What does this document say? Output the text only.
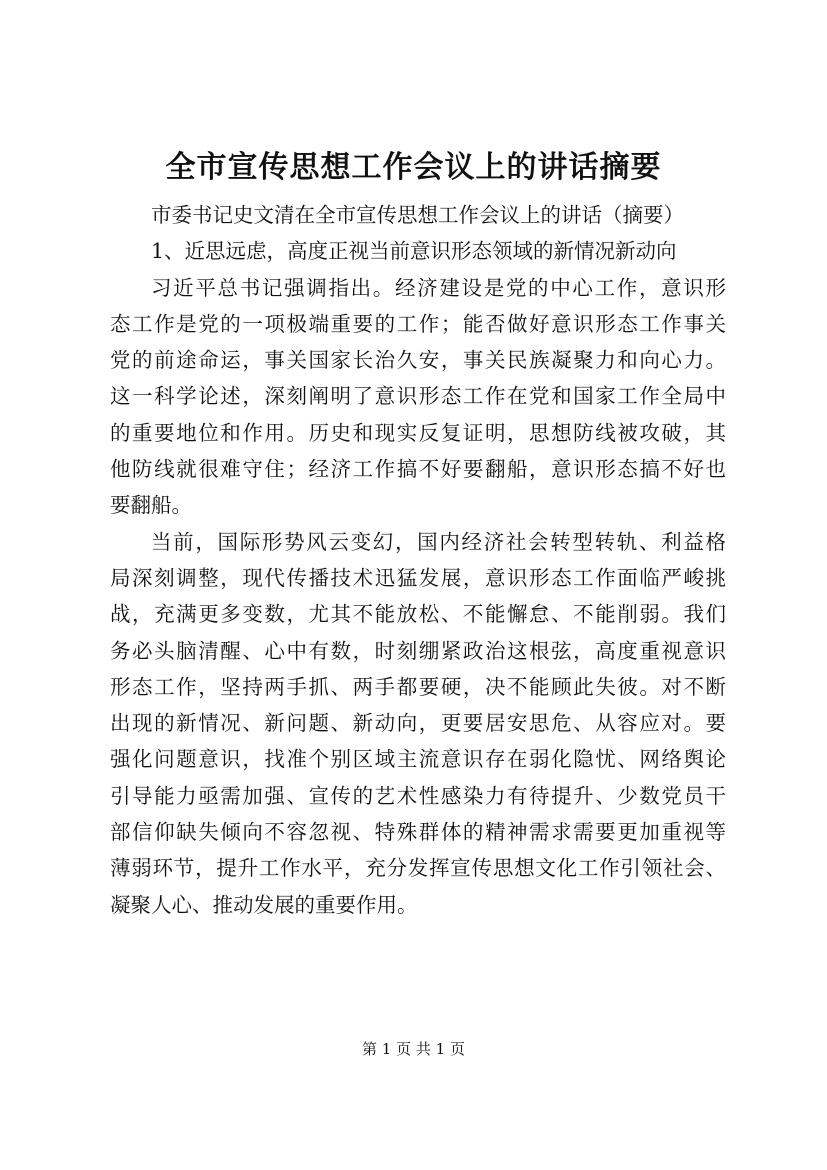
全市宣传思想工作会议上的讲话摘要
市委书记史文清在全市宣传思想工作会议上的讲话（摘要）
1、近思远虑，高度正视当前意识形态领域的新情况新动向
习近平总书记强调指出。经济建设是党的中心工作，意识形
态工作是党的一项极端重要的工作；能否做好意识形态工作事关
党的前途命运，事关国家长治久安，事关民族凝聚力和向心力。
这一科学论述，深刻阐明了意识形态工作在党和国家工作全局中
的重要地位和作用。历史和现实反复证明，思想防线被攻破，其
他防线就很难守住；经济工作搞不好要翻船，意识形态搞不好也
要翻船。
当前，国际形势风云变幻，国内经济社会转型转轨、利益格
局深刻调整，现代传播技术迅猛发展，意识形态工作面临严峻挑
战，充满更多变数，尤其不能放松、不能懈怠、不能削弱。我们
务必头脑清醒、心中有数，时刻绷紧政治这根弦，高度重视意识
形态工作，坚持两手抓、两手都要硬，决不能顾此失彼。对不断
出现的新情况、新问题、新动向，更要居安思危、从容应对。要
强化问题意识，找准个别区域主流意识存在弱化隐忧、网络舆论
引导能力亟需加强、宣传的艺术性感染力有待提升、少数党员干
部信仰缺失倾向不容忽视、特殊群体的精神需求需要更加重视等
薄弱环节，提升工作水平，充分发挥宣传思想文化工作引领社会、
凝聚人心、推动发展的重要作用。
第 1 页 共 1 页
